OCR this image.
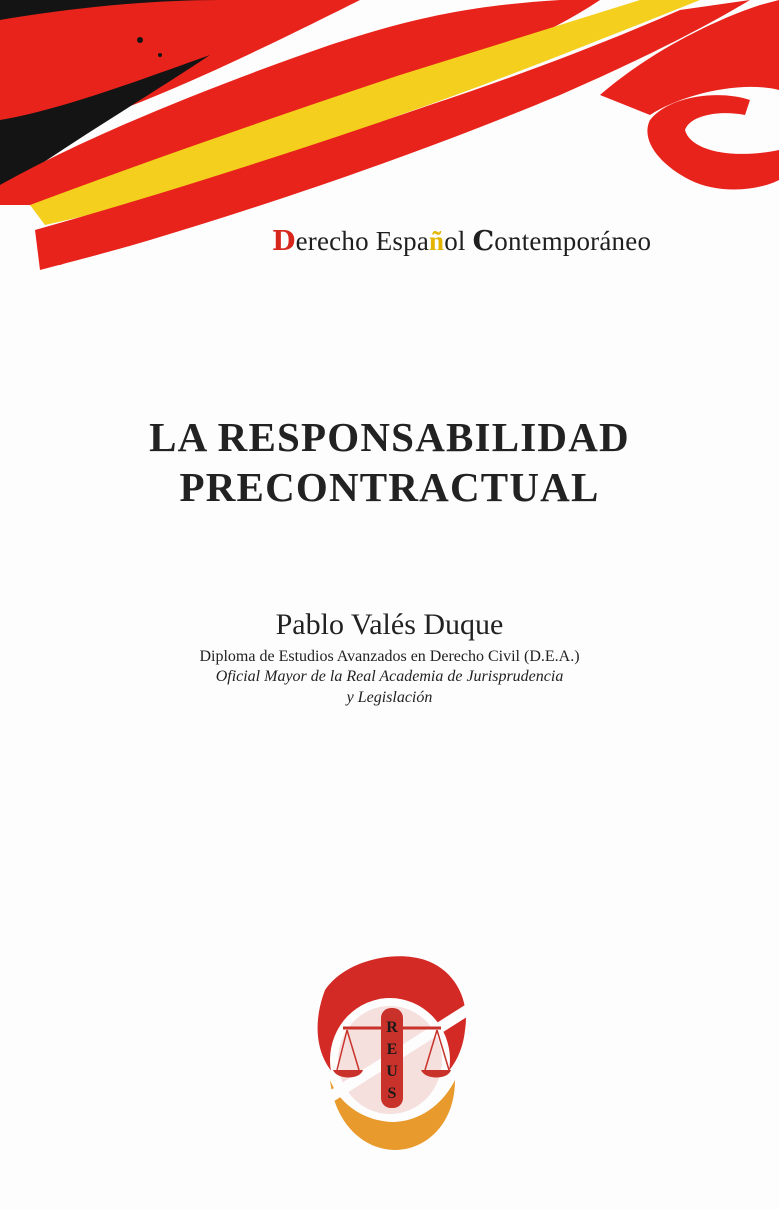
Derecho Español Contemporáneo
LA RESPONSABILIDAD
PRECONTRACTUAL
Pablo Valés Duque
Diploma de Estudios Avanzados en Derecho Civil (D.E.A.)
Oficial Mayor de la Real Academia de Jurisprudencia
y Legislación
R
E
U
S
